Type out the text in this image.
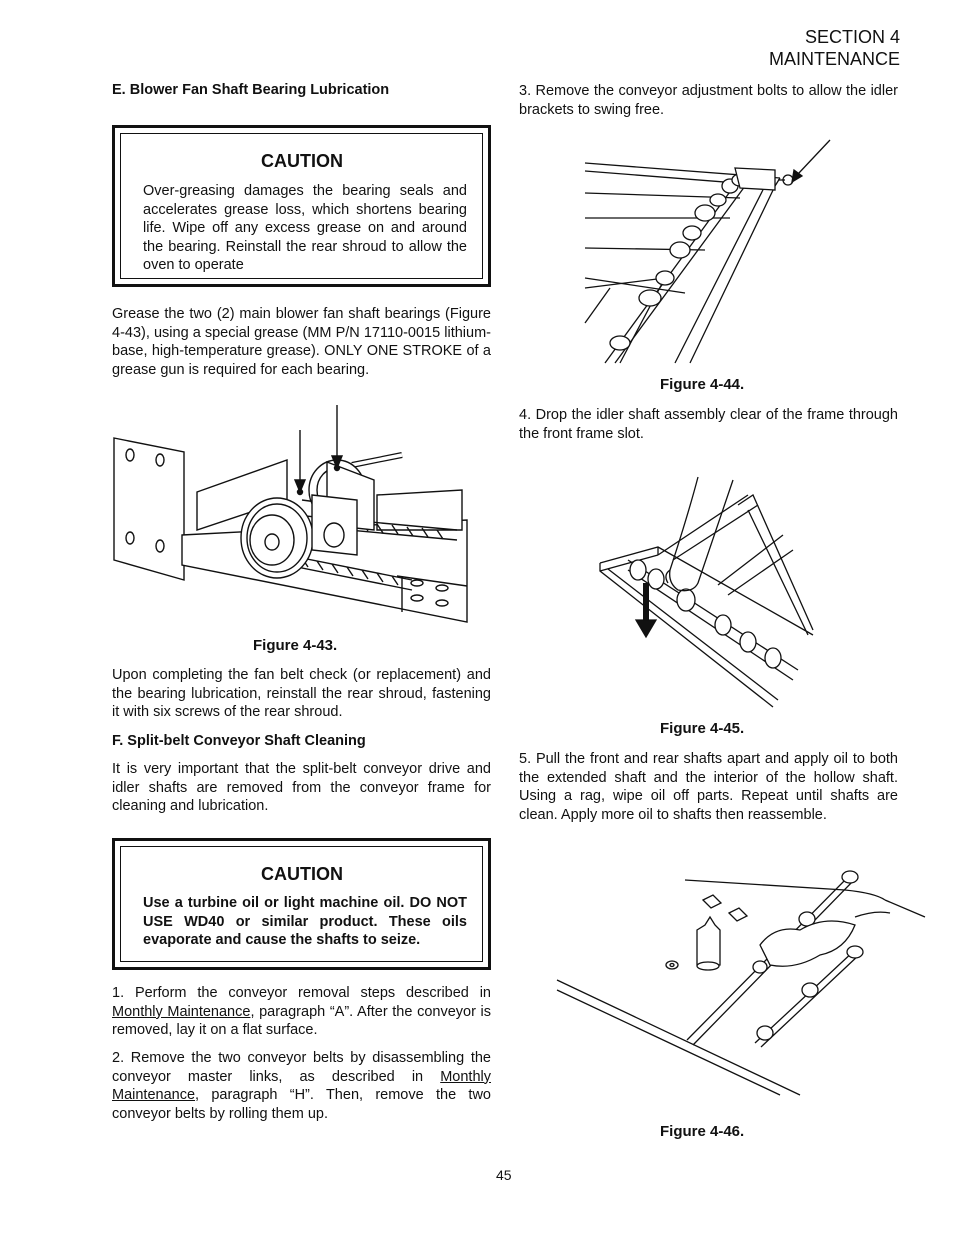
SECTION 4
MAINTENANCE

E. Blower Fan Shaft Bearing Lubrication

CAUTION

Over-greasing damages the bearing seals and accelerates grease loss, which shortens bearing life. Wipe off any excess grease on and around the bearing. Reinstall the rear shroud to allow the oven to operate

Grease the two (2) main blower fan shaft bearings (Figure 4-43), using a special grease (MM P/N 17110-0015 lithium-base, high-temperature grease). ONLY ONE STROKE of a grease gun is required for each bearing.

Figure 4-43.

Upon completing the fan belt check (or replacement) and the bearing lubrication, reinstall the rear shroud, fastening it with six screws of the rear shroud.

F. Split-belt Conveyor Shaft Cleaning

It is very important that the split-belt conveyor drive and idler shafts are removed from the conveyor frame for cleaning and lubrication.

CAUTION

Use a turbine oil or light machine oil. DO NOT USE WD40 or similar product. These oils evaporate and cause the shafts to seize.

1. Perform the conveyor removal steps described in Monthly Maintenance, paragraph “A”. After the conveyor is removed, lay it on a flat surface.

2. Remove the two conveyor belts by disassembling the conveyor master links, as described in Monthly Maintenance, paragraph “H”. Then, remove the two conveyor belts by rolling them up.

3. Remove the conveyor adjustment bolts to allow the idler brackets to swing free.

Figure 4-44.

4. Drop the idler shaft assembly clear of the frame through the front frame slot.

Figure 4-45.

5. Pull the front and rear shafts apart and apply oil to both the extended shaft and the interior of the hollow shaft. Using a rag, wipe oil off parts. Repeat until shafts are clean. Apply more oil to shafts then reassemble.

Figure 4-46.
45
